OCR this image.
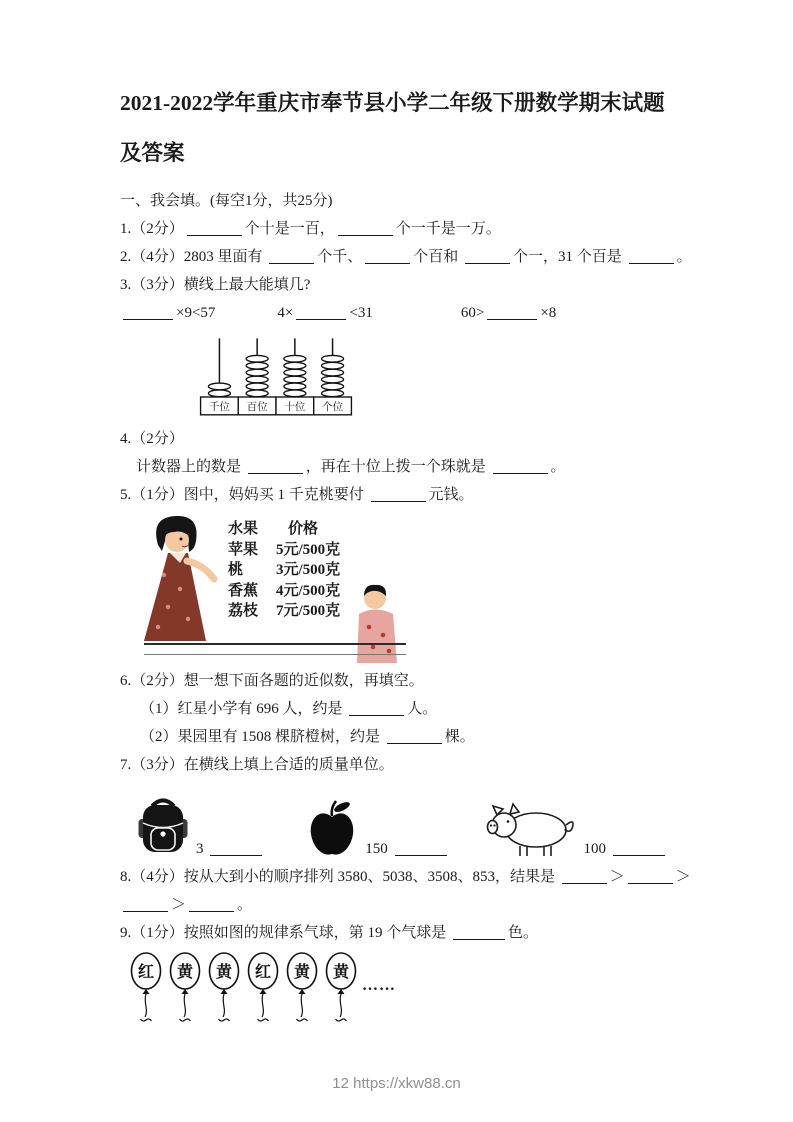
2021-2022学年重庆市奉节县小学二年级下册数学期末试题及答案
一、我会填。(每空1分，共25分)
1.（2分）	个十是一百，	个一千是一万。
2.（4分）2803 里面有	个千、	个百和	个一，31 个百是	。
3.（3分）横线上最大能填几?
×9<57	4×	<31	60>	×8
千位 百位 十位 个位
4.（2分）
计数器上的数是	，再在十位上拨一个珠就是	。
5.（1分）图中，妈妈买 1 千克桃要付	元钱。
水果	价格
苹果	5元/500克
桃	3元/500克
香蕉	4元/500克
荔枝	7元/500克
6.（2分）想一想下面各题的近似数，再填空。
（1）红星小学有 696 人，约是	人。
（2）果园里有 1508 棵脐橙树，约是	棵。
7.（3分）在横线上填上合适的质量单位。
3	150	100
8.（4分）按从大到小的顺序排列 3580、5038、3508、853，结果是	＞	＞
＞	。
9.（1分）按照如图的规律系气球，第 19 个气球是	色。
红 黄 黄 红 黄 黄
……
12 https://xkw88.cn
